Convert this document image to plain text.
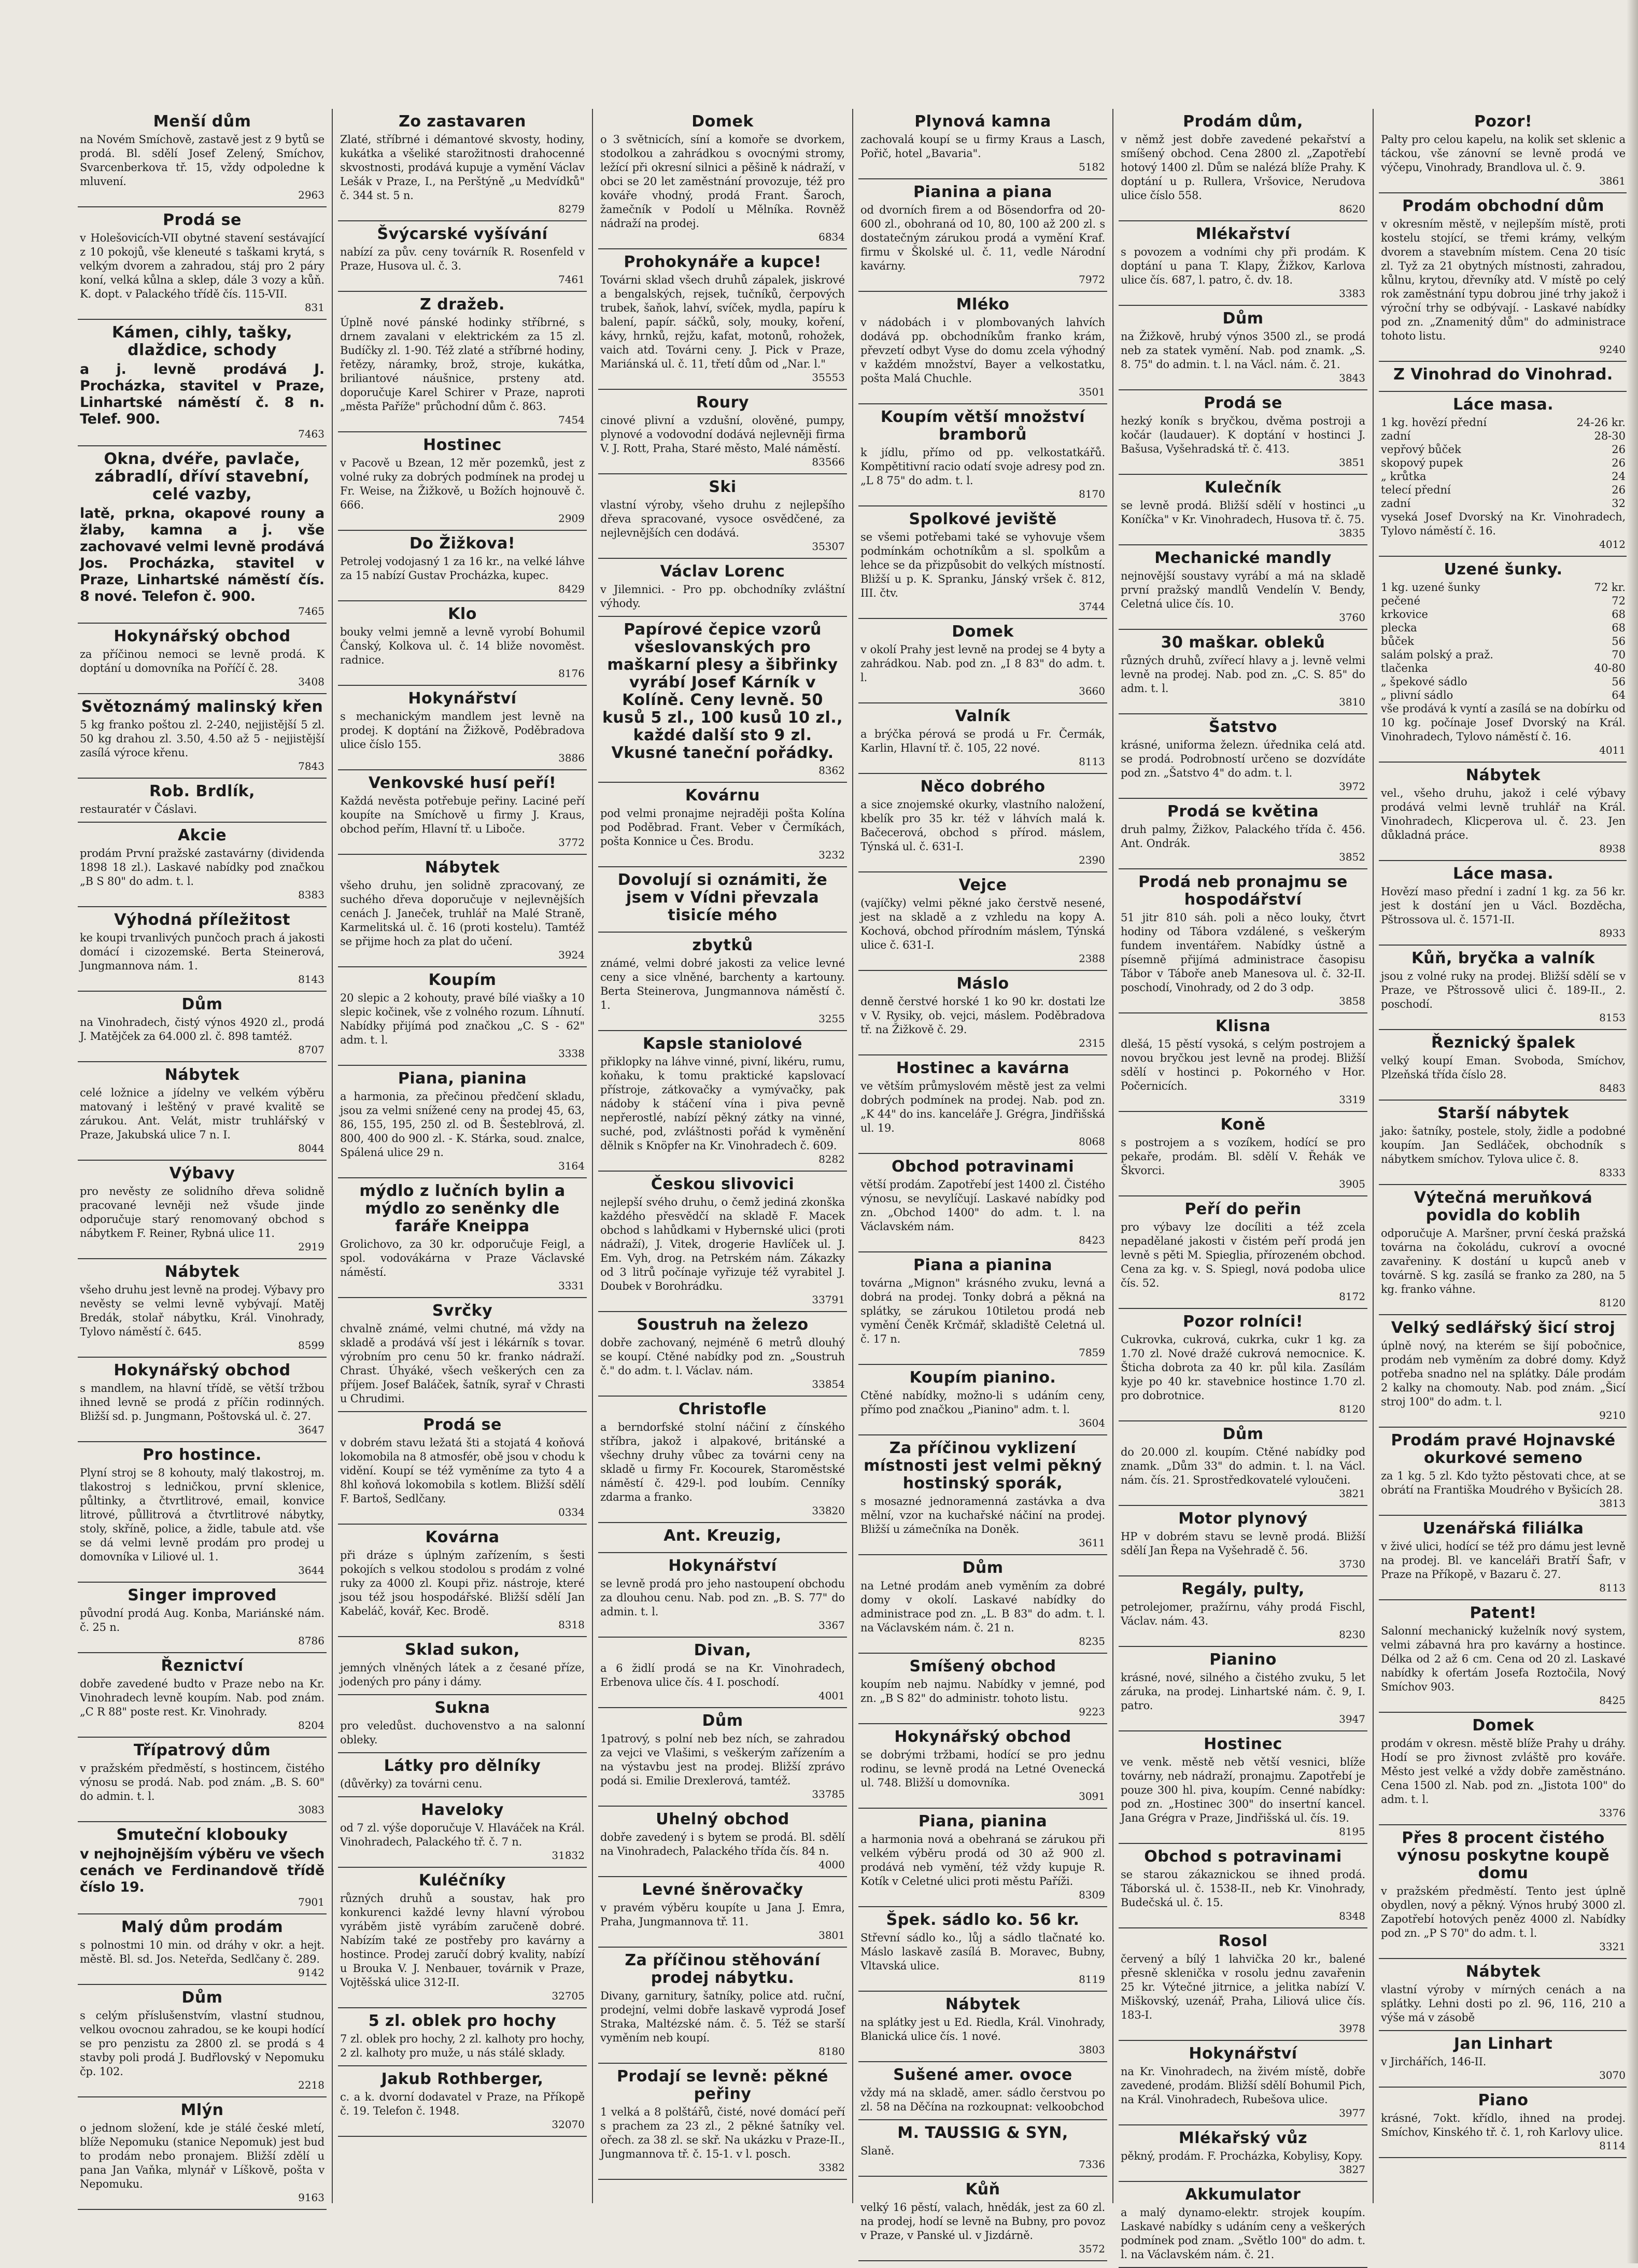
Menší dům

na Novém Smíchově, zastavě jest z 9 bytů se prodá. Bl. sdělí Josef Zelený, Smíchov, Svarcenberkova tř. 15, vždy odpoledne k mluvení.

2963
Prodá se

v Holešovicích-VII obytné stavení sestávající z 10 pokojů, vše kleneuté s taškami krytá, s velkým dvorem a zahradou, stáj pro 2 páry koní, velká kůlna a sklep, dále 3 vozy a kůň. K. dopt. v Palackého třídě čís. 115-VII.

831
Kámen, cihly, tašky, dlaždice, schody

a j. levně prodává J. Procházka, stavitel v Praze, Linhartské náměstí č. 8 n. Telef. 900.

7463
Okna, dvéře, pavlače, zábradlí, dříví stavební, celé vazby,

latě, prkna, okapové rouny a žlaby, kamna a j. vše zachovavé velmi levně prodává Jos. Procházka, stavitel v Praze, Linhartské náměstí čís. 8 nové. Telefon č. 900.

7465
Hokynářský obchod

za příčinou nemoci se levně prodá. K doptání u domovníka na Poříčí č. 28.

3408
Světoznámý malinský křen

5 kg franko poštou zl. 2-240, nejjistější 5 zl. 50 kg drahou zl. 3.50, 4.50 až 5 - nejjistější zasílá výroce křenu.

7843
Rob. Brdlík,

restauratér v Čáslavi.

Akcie

prodám První pražské zastavárny (dividenda 1898 18 zl.). Laskavé nabídky pod značkou „B S 80" do adm. t. l.

8383
Výhodná příležitost

ke koupi trvanlivých punčoch prach á jakosti domácí i cizozemské. Berta Steinerová, Jungmannova nám. 1.

8143
Dům

na Vinohradech, čistý výnos 4920 zl., prodá J. Matějček za 64.000 zl. č. 898 tamtéž.

8707
Nábytek

celé ložnice a jídelny ve velkém výběru matovaný i leštěný v pravé kvalitě se zárukou. Ant. Velát, mistr truhlářský v Praze, Jakubská ulice 7 n. I.

8044
Výbavy

pro nevěsty ze solidního dřeva solidně pracované levněji než všude jinde odporučuje starý renomovaný obchod s nábytkem F. Reiner, Rybná ulice 11.

2919
Nábytek

všeho druhu jest levně na prodej. Výbavy pro nevěsty se velmi levně vybývají. Matěj Bredák, stolař nábytku, Král. Vinohrady, Tylovo náměstí č. 645.

8599
Hokynářský obchod

s mandlem, na hlavní třídě, se větší tržbou ihned levně se prodá z příčin rodinných. Bližší sd. p. Jungmann, Poštovská ul. č. 27.

3647
Pro hostince.

Plyní stroj se 8 kohouty, malý tlakostroj, m. tlakostroj s ledničkou, první sklenice, půltinky, a čtvrtlitrové, email, konvice litrové, půllitrová a čtvrtlitrové nábytky, stoly, skříně, police, a židle, tabule atd. vše se dá velmi levně prodám pro prodej u domovníka v Liliové ul. 1.

3644
Singer improved

původní prodá Aug. Konba, Mariánské nám. č. 25 n.

8786
Řeznictví

dobře zavedené budto v Praze nebo na Kr. Vinohradech levně koupím. Nab. pod znám. „C R 88" poste rest. Kr. Vinohrady.

8204
Třípatrový dům

v pražském předměstí, s hostincem, čistého výnosu se prodá. Nab. pod znám. „B. S. 60" do admin. t. l.

3083
Smuteční klobouky

v nejhojnějším výběru ve všech cenách ve Ferdinandově třídě číslo 19.

7901
Malý dům prodám

s polnostmi 10 min. od dráhy v okr. a hejt. městě. Bl. sd. Jos. Neteřda, Sedlčany č. 289.

9142
Dům

s celým příslušenstvím, vlastní studnou, velkou ovocnou zahradou, se ke koupi hodící se pro penzistu za 2800 zl. se prodá s 4 stavby poli prodá J. Budřlovský v Nepomuku čp. 102.

2218
Mlýn

o jednom složení, kde je stálé české mletí, blíže Nepomuku (stanice Nepomuk) jest bud to prodám nebo pronajem. Bližší zdělí u pana Jan Vaňka, mlynář v Líškově, pošta v Nepomuku.

9163
Zo zastavaren

Zlaté, stříbrné i démantové skvosty, hodiny, kukátka a všeliké starožitnosti drahocenné skvostnosti, prodává kupuje a vymění Václav Lešák v Praze, I., na Perštýně „u Medvídků" č. 344 st. 5 n.

8279
Švýcarské vyšívání

nabízí za pův. ceny továrník R. Rosenfeld v Praze, Husova ul. č. 3.

7461
Z dražeb.

Úplně nové pánské hodinky stříbrné, s drnem zavalani v elektrickém za 15 zl. Budíčky zl. 1-90. Též zlaté a stříbrné hodiny, řetězy, náramky, brož, stroje, kukátka, briliantové náušnice, prsteny atd. doporučuje Karel Schirer v Praze, naproti „města Paříže" průchodní dům č. 863.

7454
Hostinec

v Pacově u Bzean, 12 měr pozemků, jest z volné ruky za dobrých podmínek na prodej u Fr. Weise, na Žižkově, u Božích hojnouvě č. 666.

2909
Do Žižkova!

Petrolej vodojasný 1 za 16 kr., na velké láhve za 15 nabízí Gustav Procházka, kupec.

8429
Klo

bouky velmi jemně a levně vyrobí Bohumil Čanský, Kolkova ul. č. 14 bliže novoměst. radnice.

8176
Hokynářství

s mechanickým mandlem jest levně na prodej. K doptání na Žižkově, Poděbradova ulice číslo 155.

3886
Venkovské husí peří!

Každá nevěsta potřebuje peřiny. Laciné peří koupíte na Smíchově u firmy J. Kraus, obchod peřím, Hlavní tř. u Liboče.

3772
Nábytek

všeho druhu, jen solidně zpracovaný, ze suchého dřeva doporučuje v nejlevnějších cenách J. Janeček, truhlář na Malé Straně, Karmelitská ul. č. 16 (proti kostelu). Tamtéž se přijme hoch za plat do učení.

3924
Koupím

20 slepic a 2 kohouty, pravé bílé viašky a 10 slepic kočinek, vše z volného rozum. Líhnutí. Nabídky přijímá pod značkou „C. S - 62" adm. t. l.

3338
Piana, pianina

a harmonia, za přečinou předčení skladu, jsou za velmi snížené ceny na prodej 45, 63, 86, 155, 195, 250 zl. od B. Šesteblrová, zl. 800, 400 do 900 zl. - K. Stárka, soud. znalce, Spálená ulice 29 n.

3164
mýdlo z lučních bylin a mýdlo zo seněnky dle faráře Kneippa

Grolichovo, za 30 kr. odporučuje Feigl, a spol. vodovákárna v Praze Václavské náměstí.

3331
Svrčky

chvalně známé, velmi chutné, má vždy na skladě a prodává vší jest i lékárník s tovar. výrobním pro cenu 50 kr. franko nádraží. Chrast. Úhyáké, všech veškerých cen za příjem. Josef Baláček, šatník, syrař v Chrasti u Chrudimi.

Prodá se

v dobrém stavu ležatá šti a stojatá 4 koňová lokomobila na 8 atmosfér, obě jsou v chodu k vidění. Koupí se též vyměníme za tyto 4 a 8hl koňová lokomobila s kotlem. Bližší sdělí F. Bartoš, Sedlčany.

0334
Kovárna

při dráze s úplným zařízením, s šesti pokojích s velkou stodolou s prodám z volné ruky za 4000 zl. Koupi přiz. nástroje, které jsou též jsou hospodářské. Bližší sdělí Jan Kabeláč, kovář, Kec. Brodě.

8318
Sklad sukon,

jemných vlněných látek a z česané příze, jodených pro pány i dámy.

Sukna

pro veledůst. duchovenstvo a na salonní obleky.

Látky pro dělníky

(důvěrky) za továrni cenu.

Haveloky

od 7 zl. výše doporučuje V. Hlaváček na Král. Vinohradech, Palackého tř. č. 7 n.

31832
Kuléčníky

různých druhů a soustav, hak pro konkurenci každé levny hlavní výrobou vyráběm jistě vyrábím zaručeně dobré. Nabízím také ze postřeby pro kavárny a hostince. Prodej zaručí dobrý kvality, nabízí u Brouka V. J. Nenbauer, továrnik v Praze, Vojtěšská ulice 312-II.

32705
5 zl. oblek pro hochy

7 zl. oblek pro hochy, 2 zl. kalhoty pro hochy, 2 zl. kalhoty pro muže, u nás stálé sklady.

Jakub Rothberger,

c. a k. dvorní dodavatel v Praze, na Příkopě č. 19. Telefon č. 1948.

32070
Domek

o 3 světnicích, síní a komoře se dvorkem, stodolkou a zahrádkou s ovocnými stromy, ležící při okresní silnici a pěšině k nádraží, v obci se 20 let zaměstnání provozuje, též pro kováře vhodný, prodá Frant. Šaroch, žamečník v Podolí u Mělníka. Rovněž nádraží na prodej.

6834
Prohokynáře a kupce!

Továrni sklad všech druhů zápalek, jiskrové a bengalských, rejsek, tučníků, čerpových trubek, šaňok, lahví, svíček, mydla, papíru k balení, papír. sáčků, soly, mouky, koření, kávy, hrnků, rejžu, kafat, motonů, rohožek, vaich atd. Továrni ceny. J. Pick v Praze, Mariánská ul. č. 11, třetí dům od „Nar. l."

35553
Roury

cinové plivní a vzdušní, olověné, pumpy, plynové a vodovodní dodává nejlevněji firma V. J. Rott, Praha, Staré město, Malé náměstí.

83566
Ski

vlastní výroby, všeho druhu z nejlepšího dřeva spracované, vysoce osvědčené, za nejlevnějších cen dodává.

35307
Václav Lorenc

v Jilemnici. - Pro pp. obchodníky zvláštní výhody.

Papírové čepice vzorů všeslovanských pro maškarní plesy a šibřinky vyrábí Josef Kárník v Kolíně. Ceny levně. 50 kusů 5 zl., 100 kusů 10 zl., každé další sto 9 zl. Vkusné taneční pořádky.
8362
Kovárnu

pod velmi pronajme nejraději pošta Kolína pod Poděbrad. Frant. Veber v Čermíkách, pošta Konnice u Čes. Brodu.

3232
Dovolují si oznámiti, že jsem v Vídni převzala tisicíe mého
zbytků

známé, velmi dobré jakosti za velice levné ceny a sice vlněné, barchenty a kartouny. Berta Steinerova, Jungmannova náměstí č. 1.

3255
Kapsle staniolové

přiklopky na láhve vinné, pivní, likéru, rumu, koňaku, k tomu praktické kapslovací přístroje, zátkovačky a vymývačky, pak nádoby k stáčení vína i piva pevně nepřerostlé, nabízí pěkný zátky na vinné, suché, pod, zvláštnosti pořád k vyměnění dělnik s Knöpfer na Kr. Vinohradech č. 609.

8282
Českou slivovici

nejlepší svého druhu, o čemž jediná zkonška každého přesvědčí na skladě F. Macek obchod s lahůdkami v Hybernské ulici (proti nádraží), J. Vitek, drogerie Havlíček ul. J. Em. Vyh, drog. na Petrském nám. Zákazky od 3 litrů počínaje vyřizuje též vyrabitel J. Doubek v Borohrádku.

33791
Soustruh na železo

dobře zachovaný, nejméně 6 metrů dlouhý se koupí. Ctěné nabídky pod zn. „Soustruh č." do adm. t. l. Václav. nám.

33854
Christofle

a berndorfské stolní náčiní z čínského stříbra, jakož i alpakové, británské a všechny druhy vůbec za továrni ceny na skladě u firmy Fr. Kocourek, Staroměstské náměstí č. 429-l. pod loubím. Cenníky zdarma a franko.

33820
Ant. Kreuzig,
Hokynářství

se levně prodá pro jeho nastoupení obchodu za dlouhou cenu. Nab. pod zn. „B. S. 77" do admin. t. l.

3367
Divan,

a 6 židlí prodá se na Kr. Vinohradech, Erbenova ulice čís. 4 I. poschodí.

4001
Dům

1patrový, s polní neb bez ních, se zahradou za vejci ve Vlašimi, s veškerým zařízením a na výstavbu jest na prodej. Bližší zprávo podá si. Emilie Drexlerová, tamtéž.

33785
Uhelný obchod

dobře zavedený i s bytem se prodá. Bl. sdělí na Vinohradech, Palackého třída čís. 84 n.

4000
Levné šněrovačky

v pravém výběru koupíte u Jana J. Emra, Praha, Jungmannova tř. 11.

3801
Za příčinou stěhování prodej nábytku.

Divany, garnitury, šatníky, police atd. ruční, prodejní, velmi dobře laskavě vyprodá Josef Straka, Maltézské nám. č. 5. Též se starší vyměním neb koupí.

8180
Prodají se levně: pěkné peřiny

1 velká a 8 polštářů, čisté, nové domácí peří s prachem za 23 zl., 2 pěkné šatníky vel. ořech. za 38 zl. se skř. Na ukázku v Praze-II., Jungmannova tř. č. 15-1. v l. posch.

3382
Plynová kamna

zachovalá koupí se u firmy Kraus a Lasch, Pořič, hotel „Bavaria".

5182
Pianina a piana

od dvorních firem a od Bösendorfra od 20-600 zl., obohraná od 10, 80, 100 až 200 zl. s dostatečným zárukou prodá a vymění Kraf. firmu v Školské ul. č. 11, vedle Národní kavárny.

7972
Mléko

v nádobách i v plombovaných lahvích dodává pp. obchodníkům franko krám, převzetí odbyt Vyse do domu zcela výhodný v každém množství, Bayer a velkostatku, pošta Malá Chuchle.

3501
Koupím větší množství bramborů

k jídlu, přímo od pp. velkostatkářů. Kompětitivní racio odatí svoje adresy pod zn. „L 8 75" do adm. t. l.

8170
Spolkové jeviště

se všemi potřebami také se vyhovuje všem podmínkám ochotníkům a sl. spolkům a lehce se da přizpůsobit do velkých místností. Bližší u p. K. Spranku, Jánský vršek č. 812, III. čtv.

3744
Domek

v okolí Prahy jest levně na prodej se 4 byty a zahrádkou. Nab. pod zn. „I 8 83" do adm. t. l.

3660
Valník

a brýčka pérová se prodá u Fr. Čermák, Karlin, Hlavní tř. č. 105, 22 nové.

8113
Něco dobrého

a sice znojemské okurky, vlastního naložení, kbelík pro 35 kr. též v láhvích malá k. Bačecerová, obchod s přírod. máslem, Týnská ul. č. 631-I.

2390
Vejce

(vajíčky) velmi pěkné jako čerstvě nesené, jest na skladě a z vzhledu na kopy A. Kochová, obchod přírodním máslem, Týnská ulice č. 631-I.

2388
Máslo

denně čerstvé horské 1 ko 90 kr. dostati lze v V. Rysiky, ob. vejci, máslem. Poděbradova tř. na Žižkově č. 29.

2315
Hostinec a kavárna

ve větším průmyslovém městě jest za velmi dobrých podmínek na prodej. Nab. pod zn. „K 44" do ins. kanceláře J. Grégra, Jindřišská ul. 19.

8068
Obchod potravinami

větší prodám. Zapotřebí jest 1400 zl. Čistého výnosu, se nevylíčují. Laskavé nabídky pod zn. „Obchod 1400" do adm. t. l. na Václavském nám.

8423
Piana a pianina

továrna „Mignon" krásného zvuku, levná a dobrá na prodej. Tonky dobrá a pěkná na splátky, se zárukou 10tiletou prodá neb vymění Čeněk Krčmář, skladiště Celetná ul. č. 17 n.

7859
Koupím pianino.

Ctěné nabídky, možno-li s udáním ceny, přímo pod značkou „Pianino" adm. t. l.

3604
Za příčinou vyklizení místnosti jest velmi pěkný hostinský sporák,

s mosazné jednoramenná zastávka a dva mělní, vzor na kuchařské náčiní na prodej. Bližší u zámečníka na Doněk.

3611
Dům

na Letné prodám aneb vyměním za dobré domy v okolí. Laskavé nabídky do administrace pod zn. „L. B 83" do adm. t. l. na Václavském nám. č. 21 n.

8235
Smíšený obchod

koupím neb najmu. Nabídky v jemné, pod zn. „B S 82" do administr. tohoto listu.

9223
Hokynářský obchod

se dobrými tržbami, hodící se pro jednu rodinu, se levně prodá na Letné Ovenecká ul. 748. Bližší u domovníka.

3091
Piana, pianina

a harmonia nová a obehraná se zárukou při velkém výběru prodá od 30 až 900 zl. prodává neb vymění, též vždy kupuje R. Kotík v Celetné ulici proti městu Paříži.

8309
Špek. sádlo ko. 56 kr.

Střevní sádlo ko., lůj a sádlo tlačnaté ko. Máslo laskavě zasílá B. Moravec, Bubny, Vltavská ulice.

8119
Nábytek

na splátky jest u Ed. Riedla, Král. Vinohrady, Blanická ulice čís. 1 nové.

3803
Sušené amer. ovoce

vždy má na skladě, amer. sádlo čerstvou po zl. 58 na Děčína na rozkoupnat: velkoobchod

M. TAUSSIG & SYN,

Slaně.

7336
Kůň

velký 16 pěstí, valach, hnědák, jest za 60 zl. na prodej, hodí se levně na Bubny, pro povoz v Praze, v Panské ul. v Jizdárně.

3572
Prodám dům,

v němž jest dobře zavedené pekařství a smíšený obchod. Cena 2800 zl. „Zapotřebí hotový 1400 zl. Dům se nalézá blíže Prahy. K doptání u p. Rullera, Vršovice, Nerudova ulice číslo 558.

8620
Mlékařství

s povozem a vodními chy při prodám. K doptání u pana T. Klapy, Žižkov, Karlova ulice čís. 687, l. patro, č. dv. 18.

3383
Dům

na Žižkově, hrubý výnos 3500 zl., se prodá neb za statek vymění. Nab. pod znamk. „S. 8. 75" do admin. t. l. na Václ. nám. č. 21.

3843
Prodá se

hezký koník s bryčkou, dvěma postroji a kočár (laudauer). K doptání v hostinci J. Bašusa, Vyšehradská tř. č. 413.

3851
Kulečník

se levně prodá. Bližší sdělí v hostinci „u Koníčka" v Kr. Vinohradech, Husova tř. č. 75.

3835
Mechanické mandly

nejnovější soustavy vyrábí a má na skladě první pražský mandlů Vendelín V. Bendy, Celetná ulice čís. 10.

3760
30 maškar. obleků

různých druhů, zvířecí hlavy a j. levně velmi levně na prodej. Nab. pod zn. „C. S. 85" do adm. t. l.

3810
Šatstvo

krásné, uniforma železn. úřednika celá atd. se prodá. Podrobností určeno se dozvídáte pod zn. „Šatstvo 4" do adm. t. l.

3972
Prodá se květina

druh palmy, Žižkov, Palackého třída č. 456. Ant. Ondrák.

3852
Prodá neb pronajmu se hospodářství

51 jitr 810 sáh. poli a něco louky, čtvrt hodiny od Tábora vzdálené, s veškerým fundem inventářem. Nabídky ústně a písemně přijímá administrace časopisu Tábor v Táboře aneb Manesova ul. č. 32-II. poschodí, Vinohrady, od 2 do 3 odp.

3858
Klisna

dlešá, 15 pěstí vysoká, s celým postrojem a novou bryčkou jest levně na prodej. Bližší sdělí v hostinci p. Pokorného v Hor. Počernicích.

3319
Koně

s postrojem a s vozíkem, hodící se pro pekaře, prodám. Bl. sdělí V. Řehák ve Škvorci.

3905
Peří do peřin

pro výbavy lze docíliti a též zcela nepadělané jakosti v čistém peří prodá jen levně s pěti M. Spieglia, přírozeném obchod. Cena za kg. v. S. Spiegl, nová podoba ulice čís. 52.

8172
Pozor rolníci!

Cukrovka, cukrová, cukrka, cukr 1 kg. za 1.70 zl. Nové dražé cukrová nemocnice. K. Šticha dobrota za 40 kr. půl kila. Zasílám kyje po 40 kr. stavebnice hostince 1.70 zl. pro dobrotnice.

8120
Dům

do 20.000 zl. koupím. Ctěné nabídky pod znamk. „Dům 33" do admin. t. l. na Václ. nám. čís. 21. Sprostředkovatelé vyloučeni.

3821
Motor plynový

HP v dobrém stavu se levně prodá. Bližší sdělí Jan Řepa na Vyšehradě č. 56.

3730
Regály, pulty,

petrolejomer, pražírnu, váhy prodá Fischl, Václav. nám. 43.

8230
Pianino

krásné, nové, silného a čistého zvuku, 5 let záruka, na prodej. Linhartské nám. č. 9, I. patro.

3947
Hostinec

ve venk. městě neb větší vesnici, blíže továrny, neb nádraží, pronajmu. Zapotřebí je pouze 300 hl. piva, koupím. Cenné nabídky: pod zn. „Hostinec 300" do insertní kancel. Jana Grégra v Praze, Jindřišská ul. čís. 19.

8195
Obchod s potravinami

se starou zákaznickou se ihned prodá. Táborská ul. č. 1538-II., neb Kr. Vinohrady, Budečská ul. č. 15.

8348
Rosol

červený a bílý 1 lahvička 20 kr., balené přesně sklenička v rosolu jednu zavařenin 25 kr. Výtečné jitrnice, a jelitka nabízí V. Miškovský, uzenář, Praha, Liliová ulice čís. 183-I.

3978
Hokynářství

na Kr. Vinohradech, na živém místě, dobře zavedené, prodám. Bližší sdělí Bohumil Pich, na Král. Vinohradech, Rubešova ulice.

3977
Mlékařský vůz

pěkný, prodám. F. Procházka, Kobylisy, Kopy.

3827
Akkumulator

a malý dynamo-elektr. strojek koupím. Laskavé nabídky s udáním ceny a veškerých podmínek pod znam. „Světlo 100" do adm. t. l. na Václavském nám. č. 21.

Pozor!

Palty pro celou kapelu, na kolik set sklenic a táckou, vše zánovní se levně prodá ve výčepu, Vinohrady, Brandlova ul. č. 9.

3861
Prodám obchodní dům

v okresním městě, v nejlepším místě, proti kostelu stojící, se třemi krámy, velkým dvorem a stavebním místem. Cena 20 tisíc zl. Tyž za 21 obytných místnosti, zahradou, kůlnu, krytou, dřevníky atd. V místě po celý rok zaměstnání typu dobrou jiné trhy jakož i výroční trhy se odbývají. - Laskavé nabídky pod zn. „Znamenitý dům" do administrace tohoto listu.

9240
Z Vinohrad do Vinohrad.
Láce masa.
1 kg. hovězí přední	24-26 kr.
zadní	28-30
vepřový bůček	26
skopový pupek	26
„ krůtka	24
telecí přední	26
zadní	32

vyseká Josef Dvorský na Kr. Vinohradech, Tylovo náměstí č. 16.

4012
Uzené šunky.
1 kg. uzené šunky	72 kr.
pečené	72
krkovice	68
plecka	68
bůček	56
salám polský a praž.	70
tlačenka	40-80
„ špekové sádlo	56
„ plivní sádlo	64

vše prodává k vyntí a zasílá se na dobírku od 10 kg. počínaje Josef Dvorský na Král. Vinohradech, Tylovo náměstí č. 16.

4011
Nábytek

vel., všeho druhu, jakož i celé výbavy prodává velmi levně truhlář na Král. Vinohradech, Klicperova ul. č. 23. Jen důkladná práce.

8938
Láce masa.

Hovězí maso přední i zadní 1 kg. za 56 kr. jest k dostání jen u Václ. Bozděcha, Pštrossova ul. č. 1571-II.

8933
Kůň, bryčka a valník

jsou z volné ruky na prodej. Bližší sdělí se v Praze, ve Pštrossově ulici č. 189-II., 2. poschodí.

8153
Řeznický špalek

velký koupí Eman. Svoboda, Smíchov, Plzeňská třída číslo 28.

8483
Starší nábytek

jako: šatníky, postele, stoly, židle a podobné koupím. Jan Sedláček, obchodník s nábytkem smíchov. Tylova ulice č. 8.

8333
Výtečná meruňková povidla do koblih

odporučuje A. Maršner, první česká pražská továrna na čokoládu, cukroví a ovocné zavařeniny. K dostání u kupců aneb v továrně. S kg. zasílá se franko za 280, na 5 kg. franko váhne.

8120
Velký sedlářský šicí stroj

úplně nový, na kterém se šijí pobočnice, prodám neb vyměním za dobré domy. Když potřeba snadno nel na splátky. Dále prodám 2 kalky na chomouty. Nab. pod znám. „Šicí stroj 100" do adm. t. l.

9210
Prodám pravé Hojnavské okurkové semeno

za 1 kg. 5 zl. Kdo tyžto pěstovati chce, at se obrátí na Františka Moudrého v Byšicích 28.

3813
Uzenářská filiálka

v živé ulici, hodící se též pro dámu jest levně na prodej. Bl. ve kanceláři Bratří Šafr, v Praze na Příkopě, v Bazaru č. 27.

8113
Patent!

Salonní mechanický kuželník nový system, velmi zábavná hra pro kavárny a hostince. Délka od 2 až 6 cm. Cena od 20 zl. Laskavé nabídky k ofertám Josefa Roztočila, Nový Smíchov 903.

8425
Domek

prodám v okresn. městě blíže Prahy u dráhy. Hodí se pro živnost zvláště pro kováře. Město jest velké a vždy dobře zaměstnáno. Cena 1500 zl. Nab. pod zn. „Jistota 100" do adm. t. l.

3376
Přes 8 procent čistého výnosu poskytne koupě domu

v pražském předměstí. Tento jest úplně obydlen, nový a pěkný. Výnos hrubý 3000 zl. Zapotřebí hotových peněz 4000 zl. Nabídky pod zn. „P S 70" do adm. t. l.

3321
Nábytek

vlastní výroby v mírných cenách a na splátky. Lehni dosti po zl. 96, 116, 210 a výše má v zásobě

Jan Linhart

v Jirchářích, 146-II.

3070
Piano

krásné, 7okt. křídlo, ihned na prodej. Smíchov, Kinského tř. č. 1, roh Karlovy ulice.

8114
